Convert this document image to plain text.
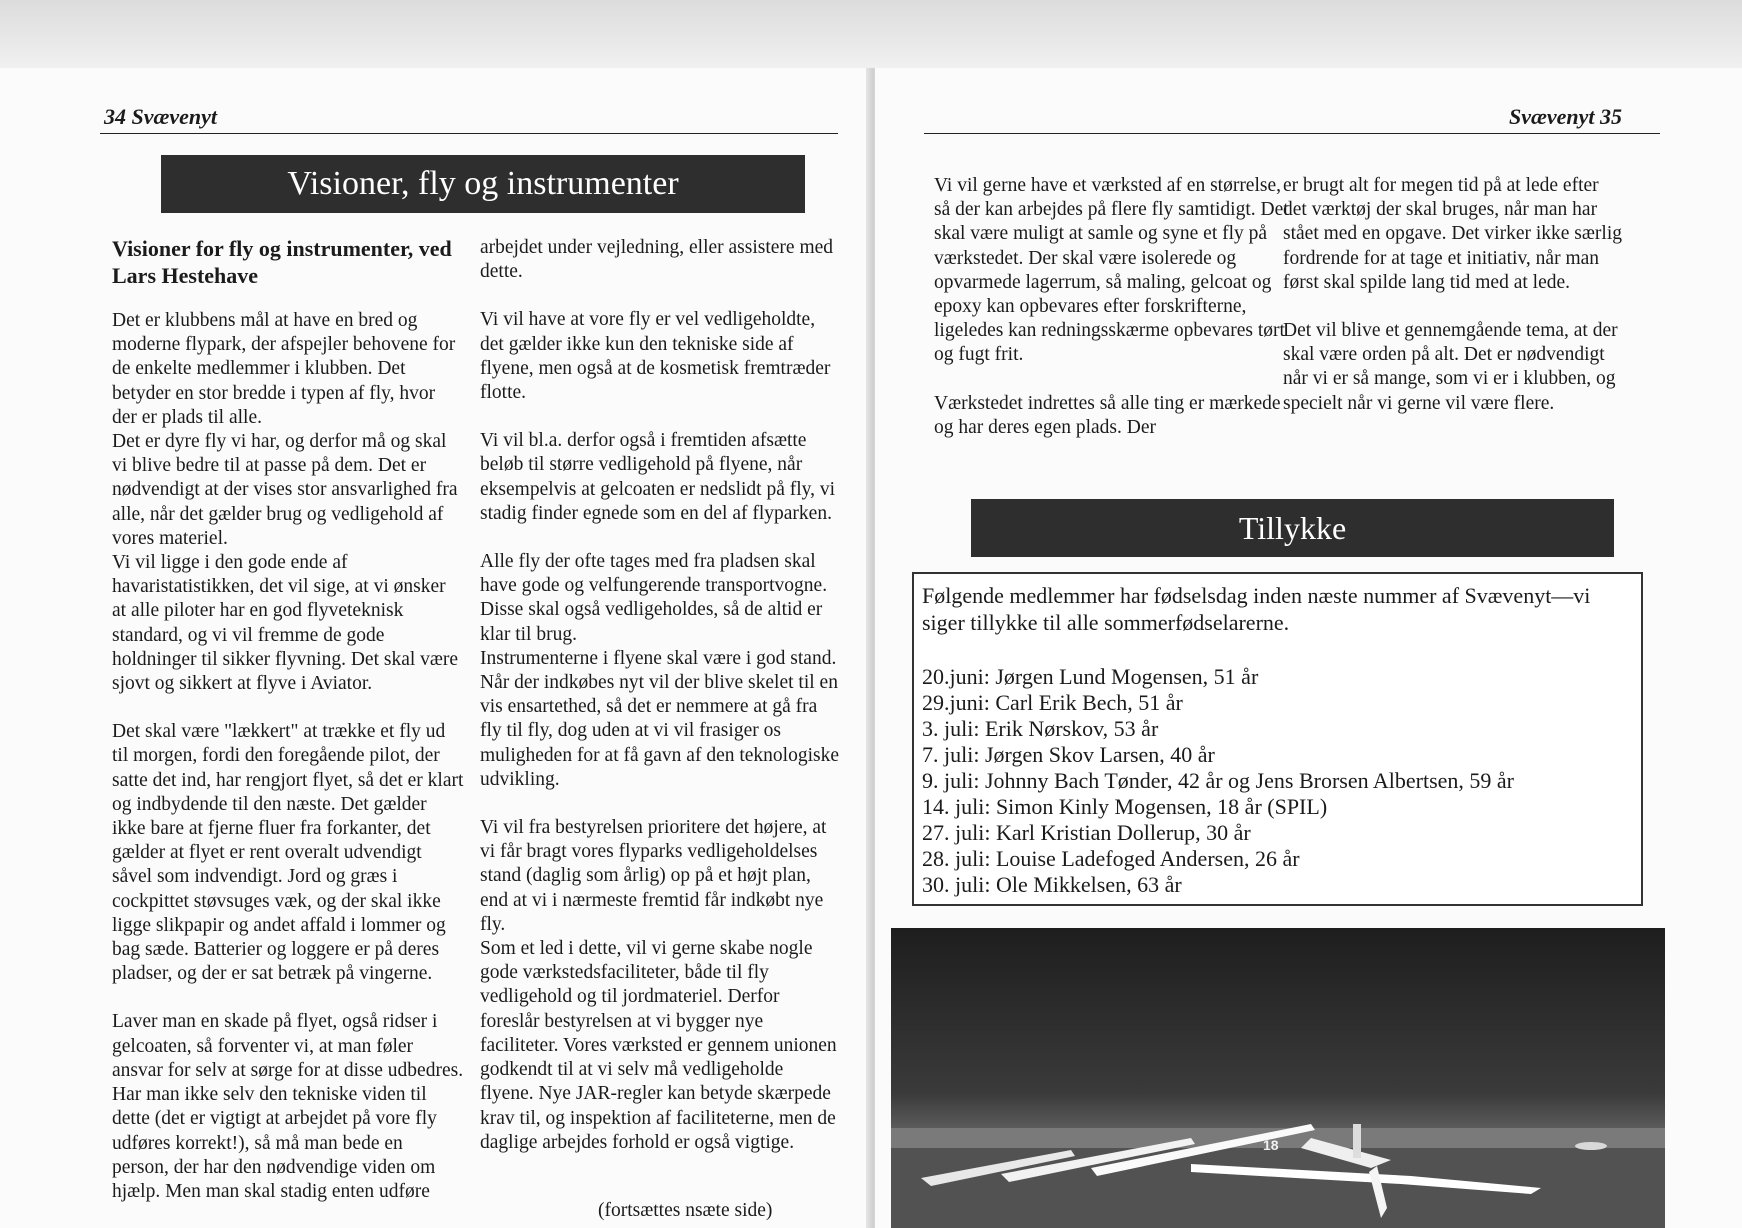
34 Svævenyt
Visioner, fly og instrumenter
Visioner for fly og instrumenter, ved Lars Hestehave

Det er klubbens mål at have en bred og moderne flypark, der afspejler behovene for de enkelte medlemmer i klubben. Det betyder en stor bredde i typen af fly, hvor der er plads til alle.

Det er dyre fly vi har, og derfor må og skal vi blive bedre til at passe på dem. Det er nødvendigt at der vises stor ansvarlighed fra alle, når det gælder brug og vedligehold af vores materiel.

Vi vil ligge i den gode ende af havaristatistikken, det vil sige, at vi ønsker at alle piloter har en god flyveteknisk standard, og vi vil fremme de gode holdninger til sikker flyvning. Det skal være sjovt og sikkert at flyve i Aviator.

Det skal være "lækkert" at trække et fly ud til morgen, fordi den foregående pilot, der satte det ind, har rengjort flyet, så det er klart og indbydende til den næste. Det gælder ikke bare at fjerne fluer fra forkanter, det gælder at flyet er rent overalt udvendigt såvel som indvendigt. Jord og græs i cockpittet støvsuges væk, og der skal ikke ligge slikpapir og andet affald i lommer og bag sæde. Batterier og loggere er på deres pladser, og der er sat betræk på vingerne.

Laver man en skade på flyet, også ridser i gelcoaten, så forventer vi, at man føler ansvar for selv at sørge for at disse udbedres. Har man ikke selv den tekniske viden til dette (det er vigtigt at arbejdet på vore fly udføres korrekt!), så må man bede en person, der har den nødvendige viden om hjælp. Men man skal stadig enten udføre

arbejdet under vejledning, eller assistere med dette.

Vi vil have at vore fly er vel vedligeholdte, det gælder ikke kun den tekniske side af flyene, men også at de kosmetisk fremtræder flotte.

Vi vil bl.a. derfor også i fremtiden afsætte beløb til større vedligehold på flyene, når eksempelvis at gelcoaten er nedslidt på fly, vi stadig finder egnede som en del af flyparken.

Alle fly der ofte tages med fra pladsen skal have gode og velfungerende transportvogne. Disse skal også vedligeholdes, så de altid er klar til brug.

Instrumenterne i flyene skal være i god stand. Når der indkøbes nyt vil der blive skelet til en vis ensartethed, så det er nemmere at gå fra fly til fly, dog uden at vi vil frasiger os muligheden for at få gavn af den teknologiske udvikling.

Vi vil fra bestyrelsen prioritere det højere, at vi får bragt vores flyparks vedligeholdelses stand (daglig som årlig) op på et højt plan, end at vi i nærmeste fremtid får indkøbt nye fly.

Som et led i dette, vil vi gerne skabe nogle gode værkstedsfaciliteter, både til fly vedligehold og til jordmateriel. Derfor foreslår bestyrelsen at vi bygger nye faciliteter. Vores værksted er gennem unionen godkendt til at vi selv må vedligeholde flyene. Nye JAR-regler kan betyde skærpede krav til, og inspektion af faciliteterne, men de daglige arbejdes forhold er også vigtige.

(fortsættes nsæte side)
Svævenyt 35

Vi vil gerne have et værksted af en størrelse, så der kan arbejdes på flere fly samtidigt. Det skal være muligt at samle og syne et fly på værkstedet. Der skal være isolerede og opvarmede lagerrum, så maling, gelcoat og epoxy kan opbevares efter forskrifterne, ligeledes kan redningsskærme opbevares tørt og fugt frit.

Værkstedet indrettes så alle ting er mærkede og har deres egen plads. Der

er brugt alt for megen tid på at lede efter det værktøj der skal bruges, når man har stået med en opgave. Det virker ikke særlig fordrende for at tage et initiativ, når man først skal spilde lang tid med at lede.

Det vil blive et gennemgående tema, at der skal være orden på alt. Det er nødvendigt når vi er så mange, som vi er i klubben, og specielt når vi gerne vil være flere.

Tillykke
Følgende medlemmer har fødselsdag inden næste nummer af Svævenyt—vi siger tillykke til alle sommerfødselarerne.
20.juni: Jørgen Lund Mogensen, 51 år
29.juni: Carl Erik Bech, 51 år
3. juli: Erik Nørskov, 53 år
7. juli: Jørgen Skov Larsen, 40 år
9. juli: Johnny Bach Tønder, 42 år og Jens Brorsen Albertsen, 59 år
14. juli: Simon Kinly Mogensen, 18 år (SPIL)
27. juli: Karl Kristian Dollerup, 30 år
28. juli: Louise Ladefoged Andersen, 26 år
30. juli: Ole Mikkelsen, 63 år
18
